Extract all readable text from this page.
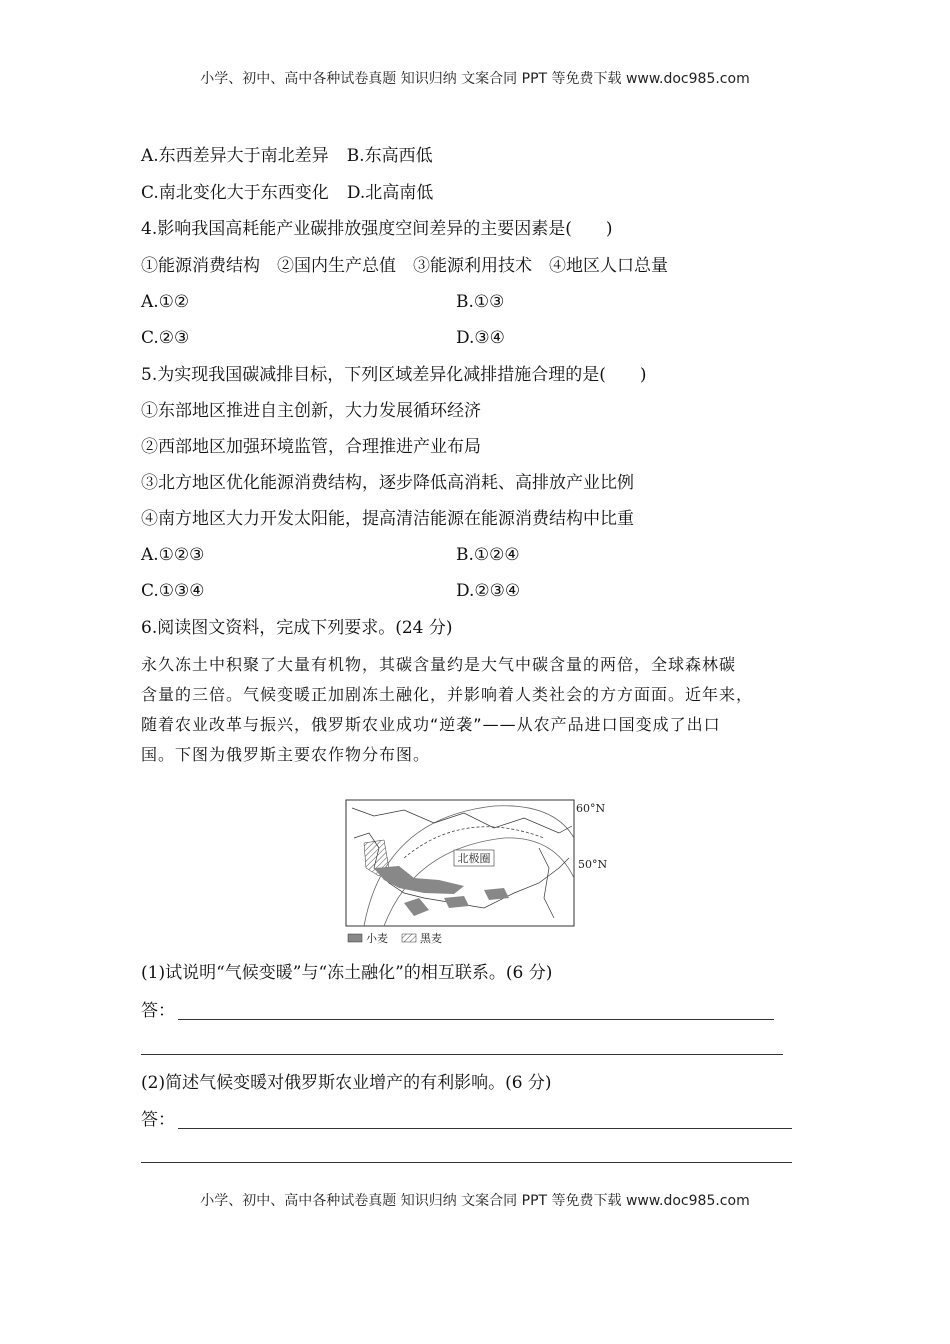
小学、初中、高中各种试卷真题 知识归纳 文案合同 PPT 等免费下载 www.doc985.com
A.东西差异大于南北差异 B.东高西低
C.南北变化大于东西变化 D.北高南低
4.影响我国高耗能产业碳排放强度空间差异的主要因素是(　　)
①能源消费结构　②国内生产总值　③能源利用技术　④地区人口总量
A.①②	B.①③
C.②③	D.③④
5.为实现我国碳减排目标，下列区域差异化减排措施合理的是(　　)
①东部地区推进自主创新，大力发展循环经济
②西部地区加强环境监管，合理推进产业布局
③北方地区优化能源消费结构，逐步降低高消耗、高排放产业比例
④南方地区大力开发太阳能，提高清洁能源在能源消费结构中比重
A.①②③	B.①②④
C.①③④	D.②③④
6.阅读图文资料，完成下列要求。(24 分)
永久冻土中积聚了大量有机物，其碳含量约是大气中碳含量的两倍，全球森林碳
含量的三倍。气候变暖正加剧冻土融化，并影响着人类社会的方方面面。近年来，
随着农业改革与振兴，俄罗斯农业成功“逆袭”——从农产品进口国变成了出口
国。下图为俄罗斯主要农作物分布图。
北极圈
60°N
50°N
小麦	黑麦
(1)试说明“气候变暖”与“冻土融化”的相互联系。(6 分)
答：
(2)简述气候变暖对俄罗斯农业增产的有利影响。(6 分)
答：
小学、初中、高中各种试卷真题 知识归纳 文案合同 PPT 等免费下载 www.doc985.com
